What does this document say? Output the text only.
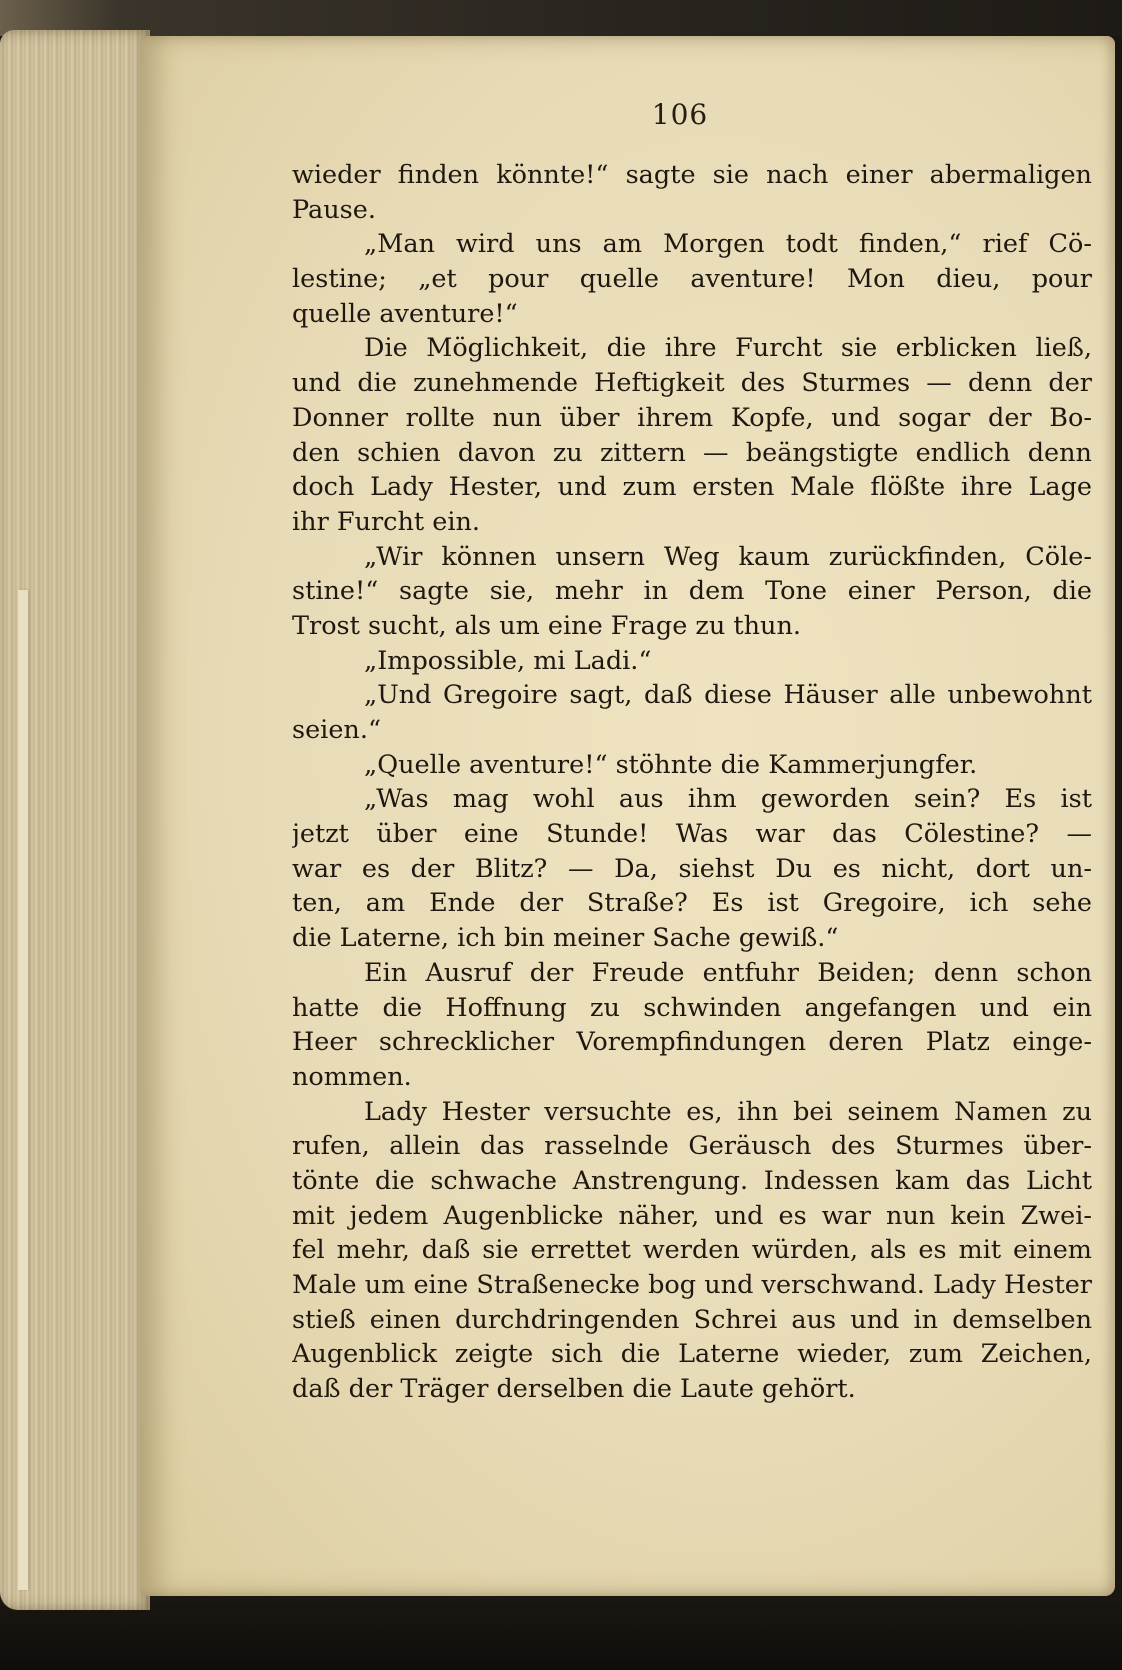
106
wieder finden könnte!“ sagte sie nach einer abermaligen
Pause.
„Man wird uns am Morgen todt finden,“ rief Cö-
lestine; „et pour quelle aventure! Mon dieu, pour
quelle aventure!“
Die Möglichkeit, die ihre Furcht sie erblicken ließ,
und die zunehmende Heftigkeit des Sturmes — denn der
Donner rollte nun über ihrem Kopfe, und sogar der Bo-
den schien davon zu zittern — beängstigte endlich denn
doch Lady Hester, und zum ersten Male flößte ihre Lage
ihr Furcht ein.
„Wir können unsern Weg kaum zurückfinden, Cöle-
stine!“ sagte sie, mehr in dem Tone einer Person, die
Trost sucht, als um eine Frage zu thun.
„Impossible, mi Ladi.“
„Und Gregoire sagt, daß diese Häuser alle unbewohnt
seien.“
„Quelle aventure!“ stöhnte die Kammerjungfer.
„Was mag wohl aus ihm geworden sein? Es ist
jetzt über eine Stunde! Was war das Cölestine? —
war es der Blitz? — Da, siehst Du es nicht, dort un-
ten, am Ende der Straße? Es ist Gregoire, ich sehe
die Laterne, ich bin meiner Sache gewiß.“
Ein Ausruf der Freude entfuhr Beiden; denn schon
hatte die Hoffnung zu schwinden angefangen und ein
Heer schrecklicher Vorempfindungen deren Platz einge-
nommen.
Lady Hester versuchte es, ihn bei seinem Namen zu
rufen, allein das rasselnde Geräusch des Sturmes über-
tönte die schwache Anstrengung. Indessen kam das Licht
mit jedem Augenblicke näher, und es war nun kein Zwei-
fel mehr, daß sie errettet werden würden, als es mit einem
Male um eine Straßenecke bog und verschwand. Lady Hester
stieß einen durchdringenden Schrei aus und in demselben
Augenblick zeigte sich die Laterne wieder, zum Zeichen,
daß der Träger derselben die Laute gehört.
